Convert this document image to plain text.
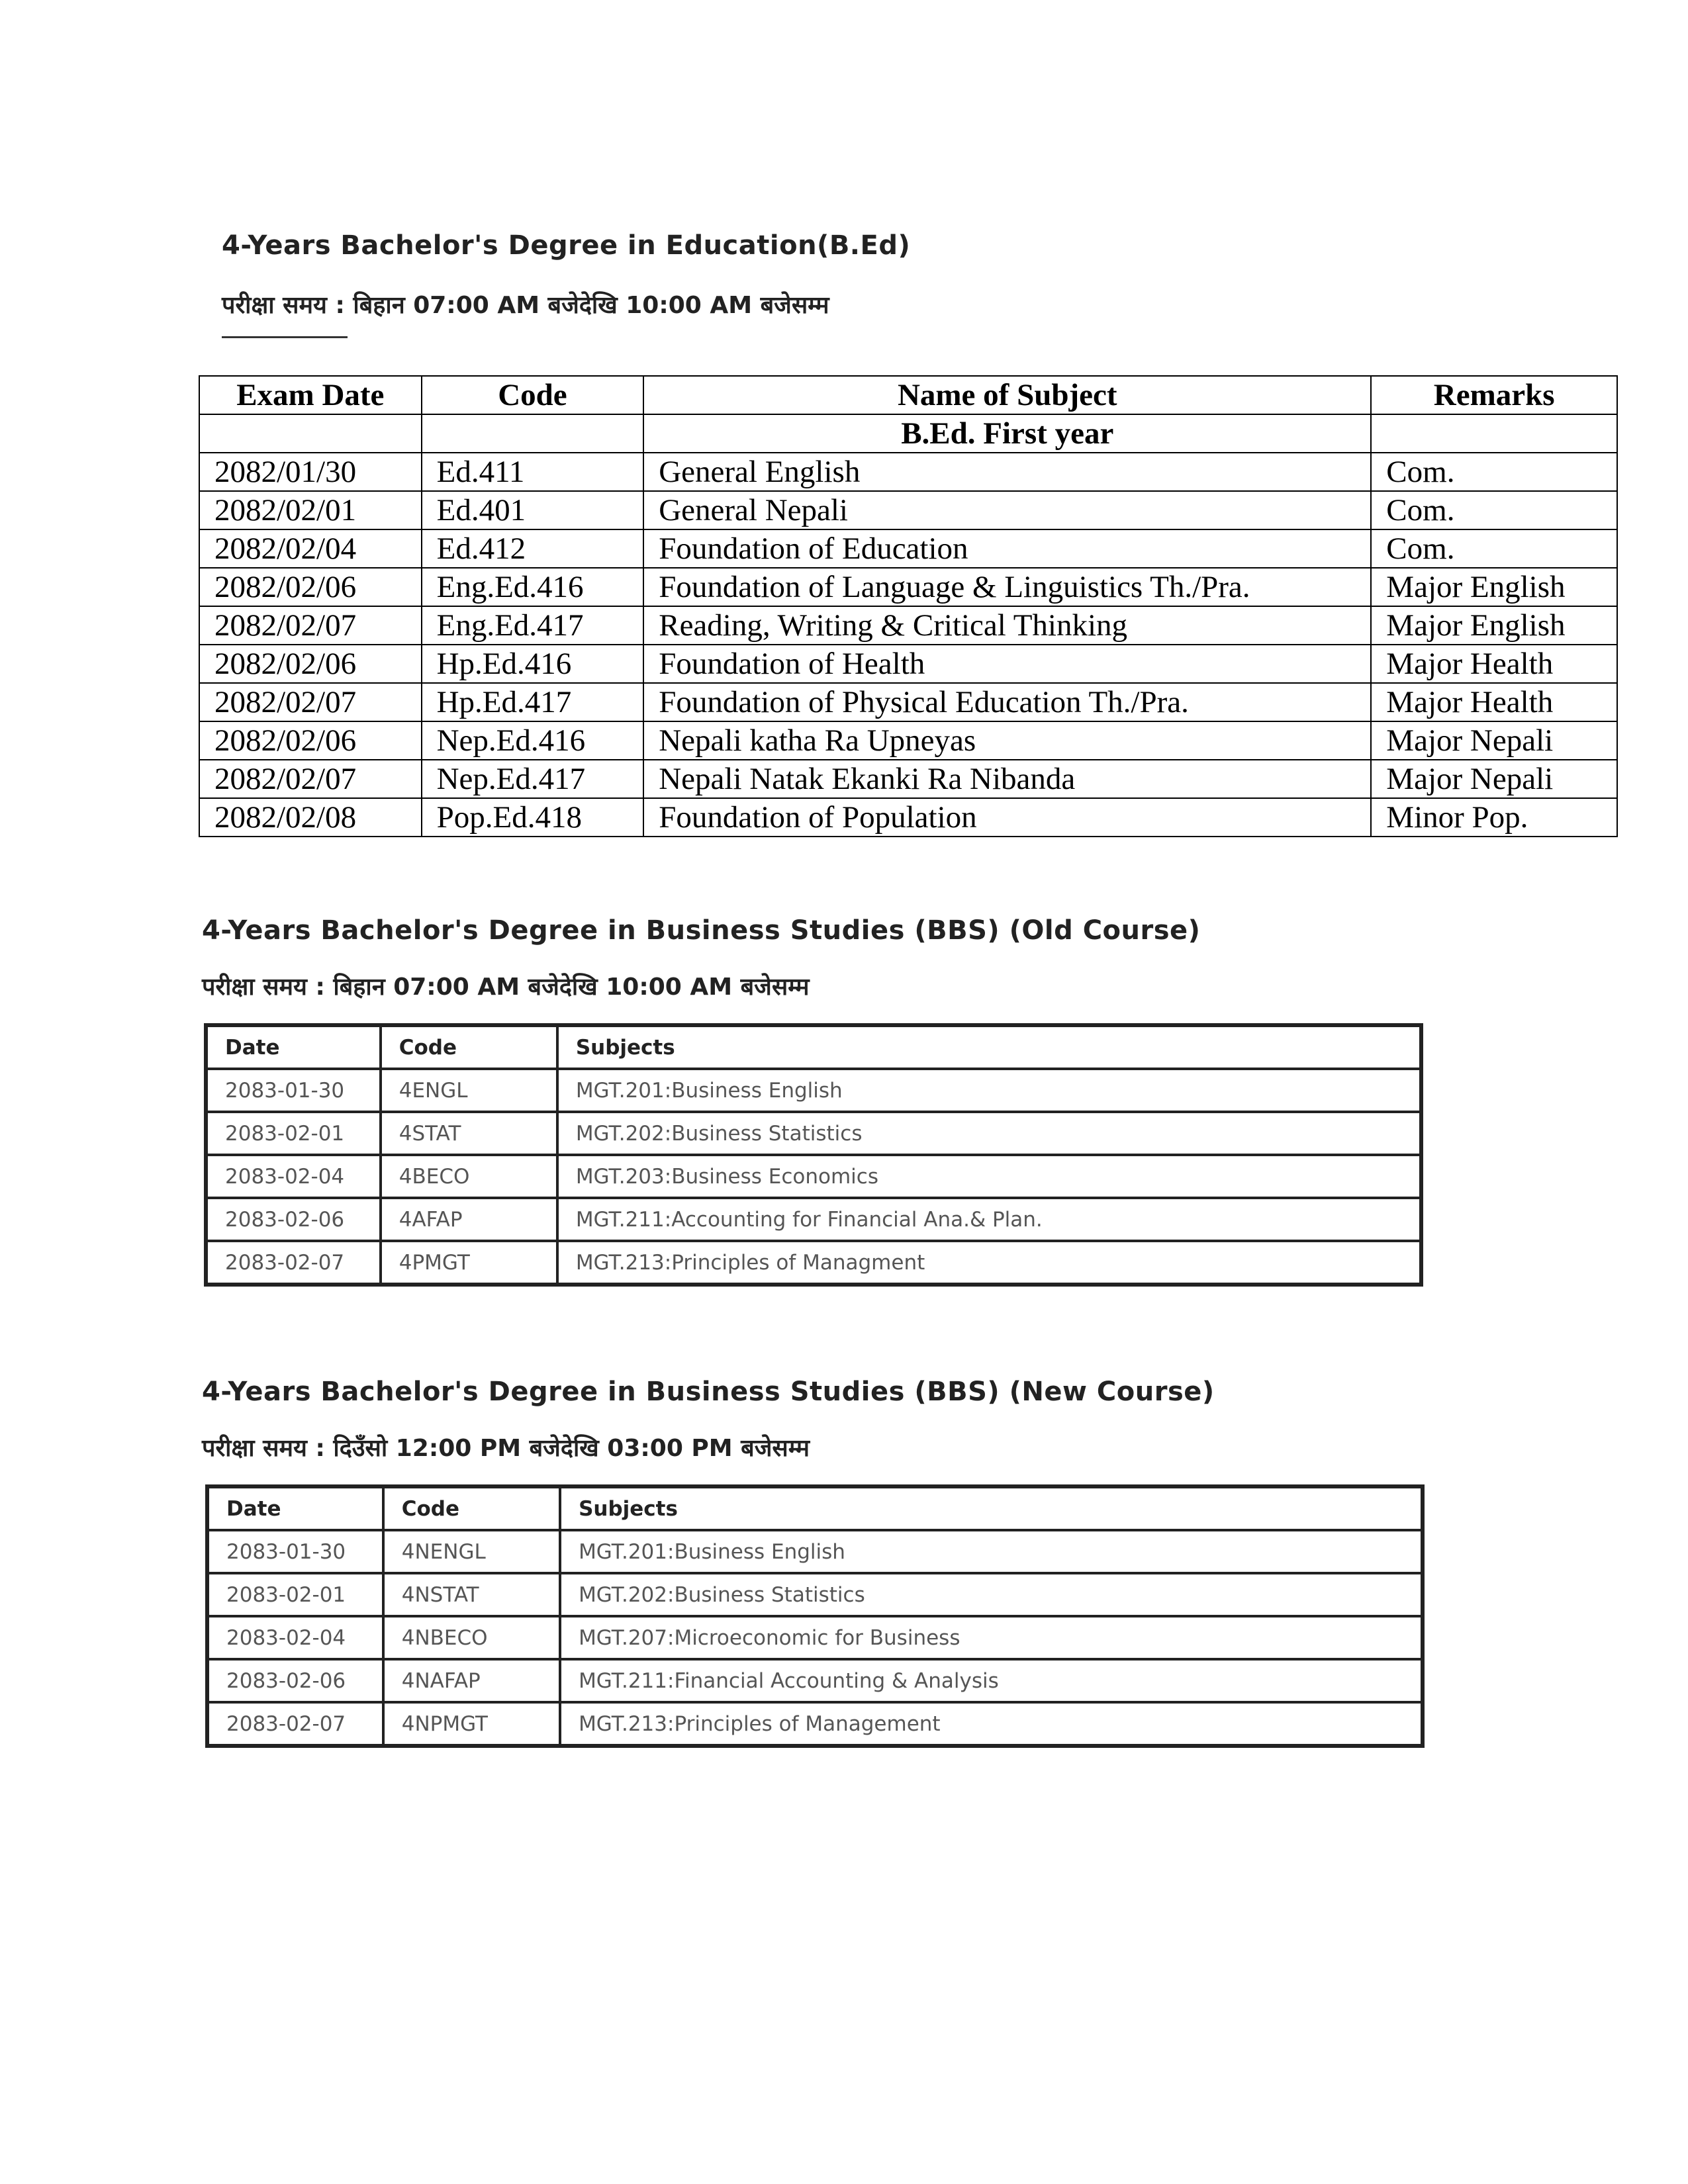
4-Years Bachelor's Degree in Education(B.Ed)
परीक्षा समय : बिहान 07:00 AM बजेदेखि 10:00 AM बजेसम्म
Exam Date	Code	Name of Subject	Remarks
		B.Ed. First year	
2082/01/30	Ed.411	General English	Com.
2082/02/01	Ed.401	General Nepali	Com.
2082/02/04	Ed.412	Foundation of Education	Com.
2082/02/06	Eng.Ed.416	Foundation of Language & Linguistics Th./Pra.	Major English
2082/02/07	Eng.Ed.417	Reading, Writing & Critical Thinking	Major English
2082/02/06	Hp.Ed.416	Foundation of Health	Major Health
2082/02/07	Hp.Ed.417	Foundation of Physical Education Th./Pra.	Major Health
2082/02/06	Nep.Ed.416	Nepali katha Ra Upneyas	Major Nepali
2082/02/07	Nep.Ed.417	Nepali Natak Ekanki Ra Nibanda	Major Nepali
2082/02/08	Pop.Ed.418	Foundation of Population	Minor Pop.
4-Years Bachelor's Degree in Business Studies (BBS) (Old Course)
परीक्षा समय : बिहान 07:00 AM बजेदेखि 10:00 AM बजेसम्म
Date	Code	Subjects
2083-01-30	4ENGL	MGT.201:Business English
2083-02-01	4STAT	MGT.202:Business Statistics
2083-02-04	4BECO	MGT.203:Business Economics
2083-02-06	4AFAP	MGT.211:Accounting for Financial Ana.& Plan.
2083-02-07	4PMGT	MGT.213:Principles of Managment
4-Years Bachelor's Degree in Business Studies (BBS) (New Course)
परीक्षा समय : दिउँसो 12:00 PM बजेदेखि 03:00 PM बजेसम्म
Date	Code	Subjects
2083-01-30	4NENGL	MGT.201:Business English
2083-02-01	4NSTAT	MGT.202:Business Statistics
2083-02-04	4NBECO	MGT.207:Microeconomic for Business
2083-02-06	4NAFAP	MGT.211:Financial Accounting & Analysis
2083-02-07	4NPMGT	MGT.213:Principles of Management
